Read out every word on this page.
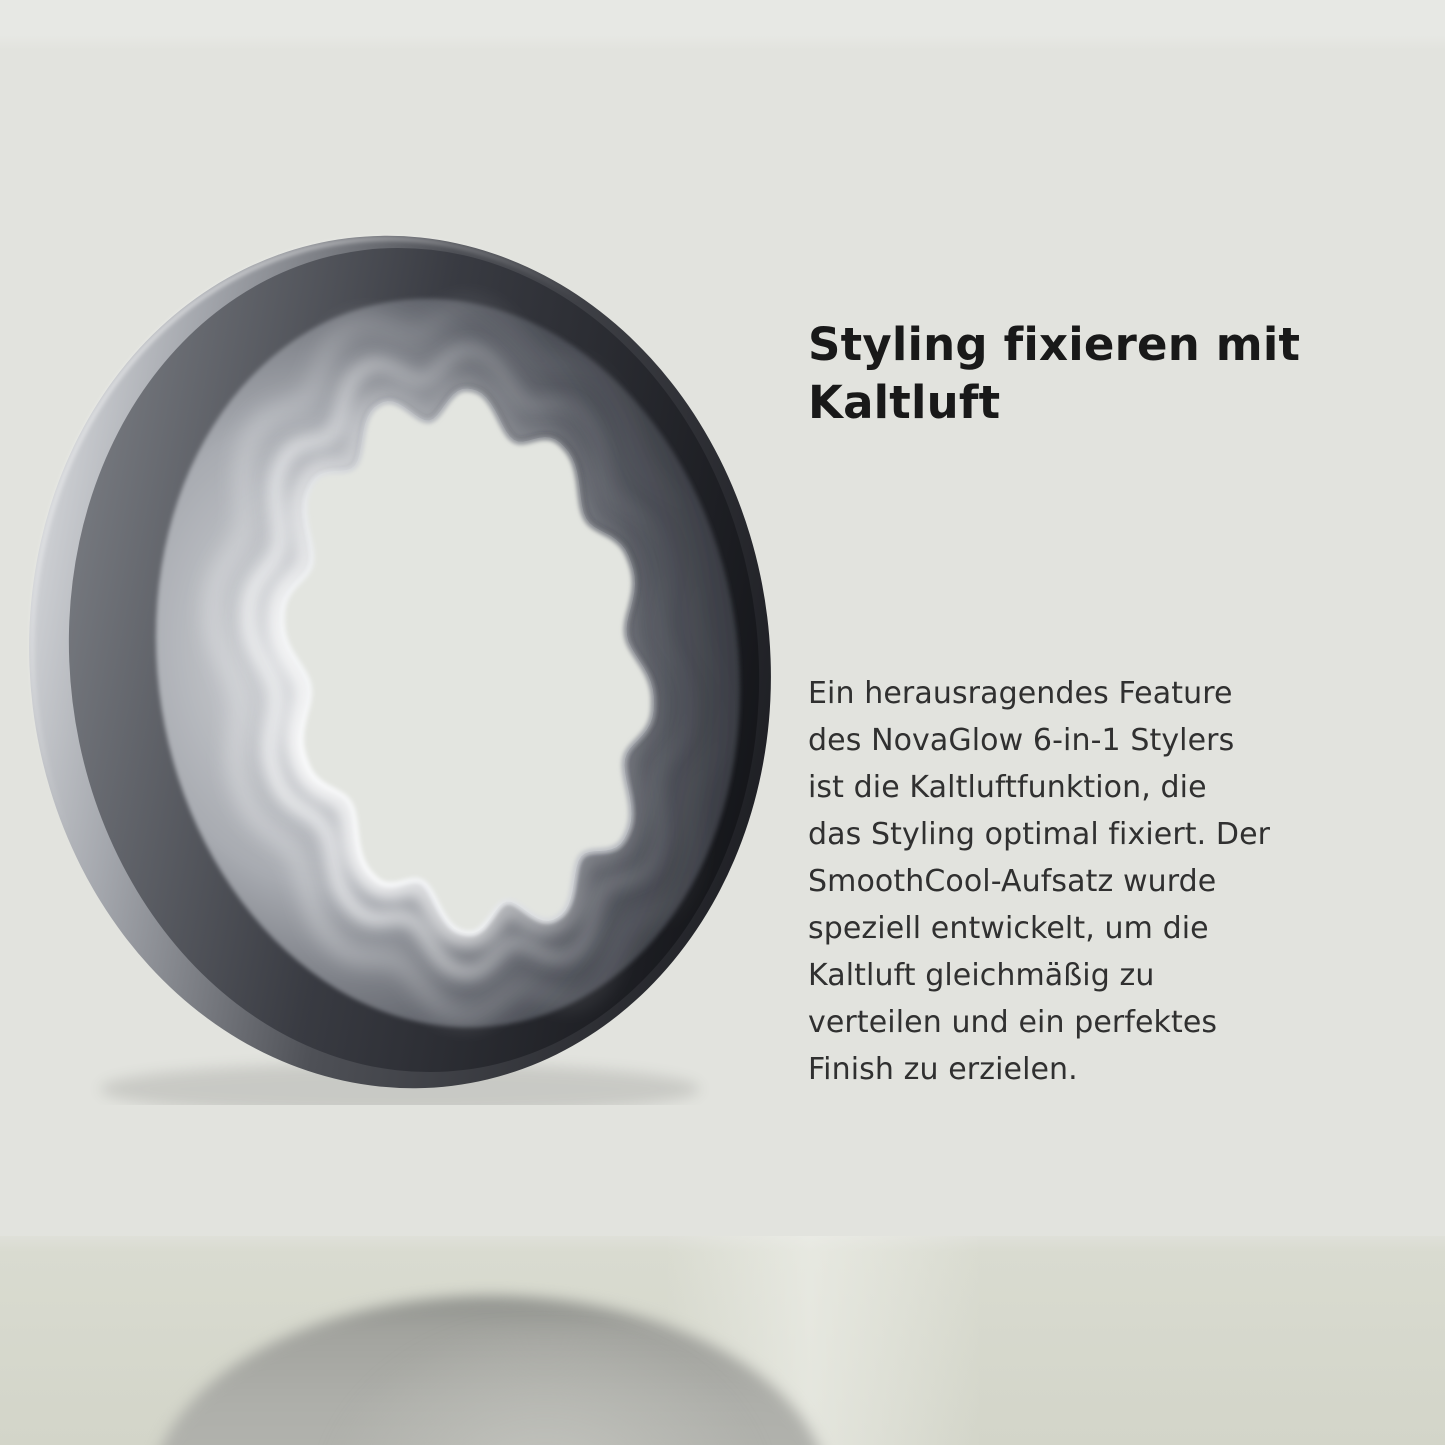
Styling fixieren mit
Kaltluft

Ein herausragendes Feature
des NovaGlow 6-in-1 Stylers
ist die Kaltluftfunktion, die
das Styling optimal fixiert. Der
SmoothCool-Aufsatz wurde
speziell entwickelt, um die
Kaltluft gleichmäßig zu
verteilen und ein perfektes
Finish zu erzielen.
